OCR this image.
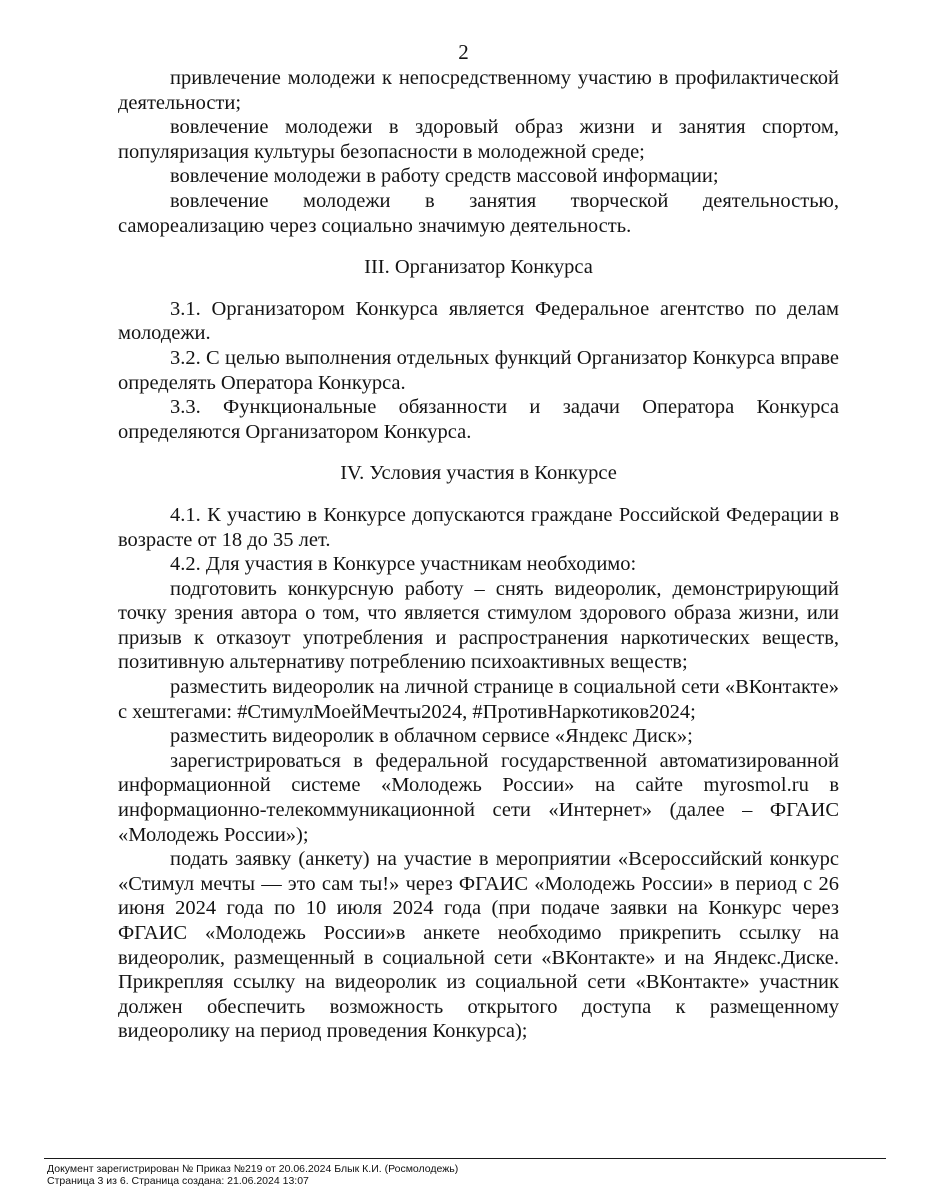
2

привлечение молодежи к непосредственному участию в профилактической деятельности;

вовлечение молодежи в здоровый образ жизни и занятия спортом, популяризация культуры безопасности в молодежной среде;

вовлечение молодежи в работу средств массовой информации;

вовлечение молодежи в занятия творческой деятельностью, самореализацию через социально значимую деятельность.

III. Организатор Конкурса

3.1. Организатором Конкурса является Федеральное агентство по делам молодежи.

3.2. С целью выполнения отдельных функций Организатор Конкурса вправе определять Оператора Конкурса.

3.3. Функциональные обязанности и задачи Оператора Конкурса определяются Организатором Конкурса.

IV. Условия участия в Конкурсе

4.1. К участию в Конкурсе допускаются граждане Российской Федерации в возрасте от 18 до 35 лет.

4.2. Для участия в Конкурсе участникам необходимо:

подготовить конкурсную работу – снять видеоролик, демонстрирующий точку зрения автора о том, что является стимулом здорового образа жизни, или призыв к отказоут употребления и распространения наркотических веществ, позитивную альтернативу потреблению психоактивных веществ;

разместить видеоролик на личной странице в социальной сети «ВКонтакте» с хештегами: #СтимулМоейМечты2024, #ПротивНаркотиков2024;

разместить видеоролик в облачном сервисе «Яндекс Диск»;

зарегистрироваться в федеральной государственной автоматизированной информационной системе «Молодежь России» на сайте myrosmol.ru в информационно-телекоммуникационной сети «Интернет» (далее – ФГАИС «Молодежь России»);

подать заявку (анкету) на участие в мероприятии «Всероссийский конкурс «Стимул мечты — это сам ты!» через ФГАИС «Молодежь России» в период с 26 июня 2024 года по 10 июля 2024 года (при подаче заявки на Конкурс через ФГАИС «Молодежь России»в анкете необходимо прикрепить ссылку на видеоролик, размещенный в социальной сети «ВКонтакте» и на Яндекс.Диске. Прикрепляя ссылку на видеоролик из социальной сети «ВКонтакте» участник должен обеспечить возможность открытого доступа к размещенному видеоролику на период проведения Конкурса);

Документ зарегистрирован № Приказ №219 от 20.06.2024 Блык К.И. (Росмолодежь)
Страница 3 из 6. Страница создана: 21.06.2024 13:07
